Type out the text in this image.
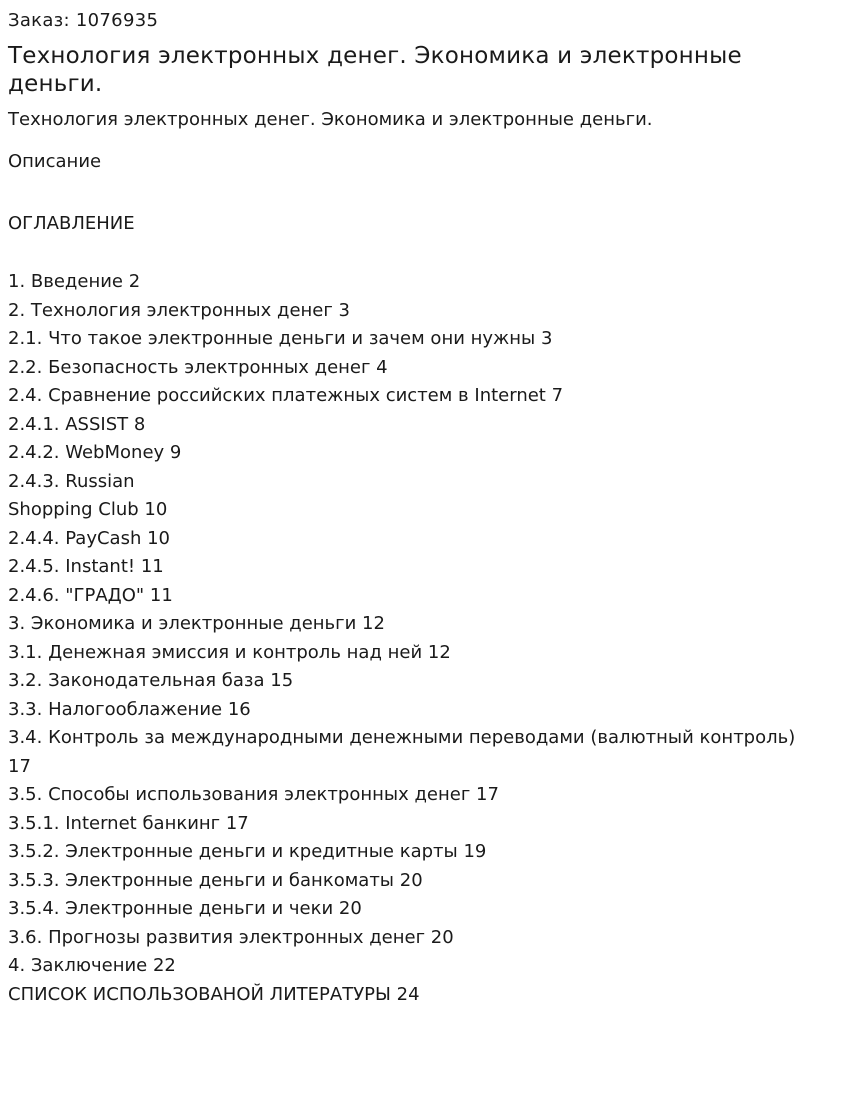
Заказ: 1076935
Технология электронных денег. Экономика и электронные деньги.
Технология электронных денег. Экономика и электронные деньги.
Описание
ОГЛАВЛЕНИЕ
1. Введение 2
2. Технология электронных денег 3
2.1. Что такое электронные деньги и зачем они нужны 3
2.2. Безопасность электронных денег 4
2.4. Сравнение российских платежных систем в Internet 7
2.4.1. ASSIST 8
2.4.2. WebMoney 9
2.4.3. Russian
Shopping Club 10
2.4.4. PayCash 10
2.4.5. Instant! 11
2.4.6. "ГРАДО" 11
3. Экономика и электронные деньги 12
3.1. Денежная эмиссия и контроль над ней 12
3.2. Законодательная база 15
3.3. Налогооблажение 16
3.4. Контроль за международными денежными переводами (валютный контроль)
17
3.5. Способы использования электронных денег 17
3.5.1. Internet банкинг 17
3.5.2. Электронные деньги и кредитные карты 19
3.5.3. Электронные деньги и банкоматы 20
3.5.4. Электронные деньги и чеки 20
3.6. Прогнозы развития электронных денег 20
4. Заключение 22
СПИСОК ИСПОЛЬЗОВАНОЙ ЛИТЕРАТУРЫ 24
